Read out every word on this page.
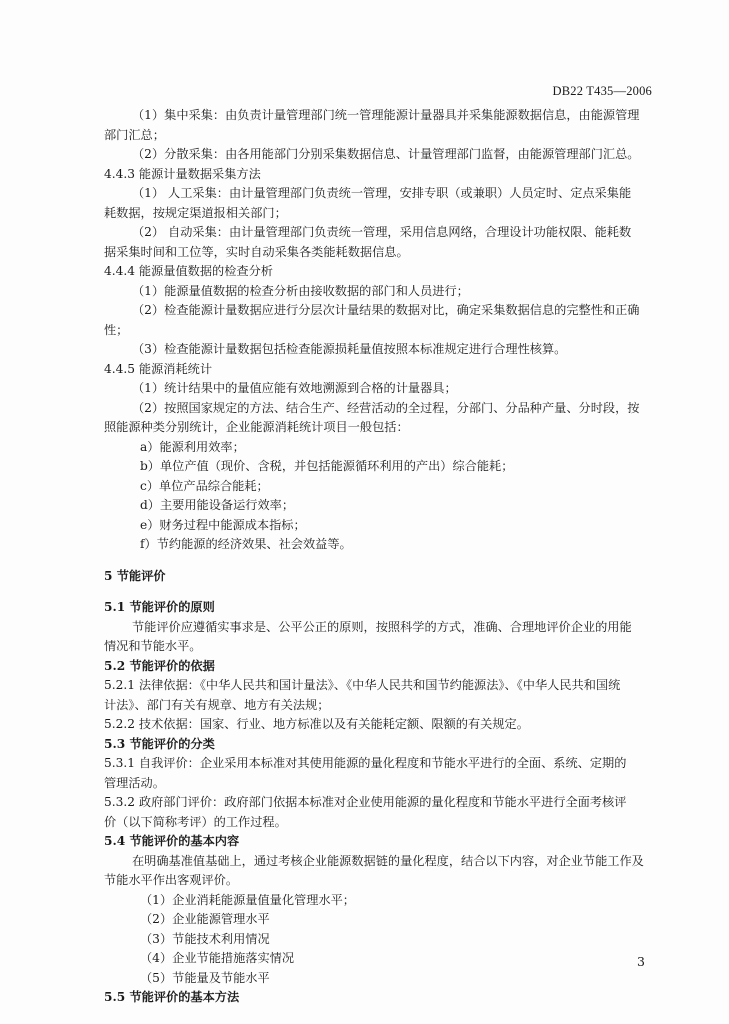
DB22 T435—2006
（1）集中采集：由负责计量管理部门统一管理能源计量器具并采集能源数据信息，由能源管理
部门汇总；
（2）分散采集：由各用能部门分别采集数据信息、计量管理部门监督，由能源管理部门汇总。
4.4.3 能源计量数据采集方法
（1） 人工采集：由计量管理部门负责统一管理，安排专职（或兼职）人员定时、定点采集能
耗数据，按规定渠道报相关部门；
（2） 自动采集：由计量管理部门负责统一管理，采用信息网络，合理设计功能权限、能耗数
据采集时间和工位等，实时自动采集各类能耗数据信息。
4.4.4 能源量值数据的检查分析
（1）能源量值数据的检查分析由接收数据的部门和人员进行；
（2）检查能源计量数据应进行分层次计量结果的数据对比，确定采集数据信息的完整性和正确
性；
（3）检查能源计量数据包括检查能源损耗量值按照本标准规定进行合理性核算。
4.4.5 能源消耗统计
（1）统计结果中的量值应能有效地溯源到合格的计量器具；
（2）按照国家规定的方法、结合生产、经营活动的全过程，分部门、分品种产量、分时段，按
照能源种类分别统计，企业能源消耗统计项目一般包括：
a）能源利用效率；
b）单位产值（现价、含税，并包括能源循环利用的产出）综合能耗；
c）单位产品综合能耗；
d）主要用能设备运行效率；
e）财务过程中能源成本指标；
f）节约能源的经济效果、社会效益等。
5 节能评价
5.1 节能评价的原则
节能评价应遵循实事求是、公平公正的原则，按照科学的方式，准确、合理地评价企业的用能
情况和节能水平。
5.2 节能评价的依据
5.2.1 法律依据：《中华人民共和国计量法》、《中华人民共和国节约能源法》、《中华人民共和国统
计法》、部门有关有规章、地方有关法规；
5.2.2 技术依据：国家、行业、地方标准以及有关能耗定额、限额的有关规定。
5.3 节能评价的分类
5.3.1 自我评价：企业采用本标准对其使用能源的量化程度和节能水平进行的全面、系统、定期的
管理活动。
5.3.2 政府部门评价：政府部门依据本标准对企业使用能源的量化程度和节能水平进行全面考核评
价（以下简称考评）的工作过程。
5.4 节能评价的基本内容
在明确基准值基础上，通过考核企业能源数据链的量化程度，结合以下内容，对企业节能工作及
节能水平作出客观评价。
（1）企业消耗能源量值量化管理水平；
（2）企业能源管理水平
（3）节能技术利用情况
（4）企业节能措施落实情况
（5）节能量及节能水平
5.5 节能评价的基本方法
3
